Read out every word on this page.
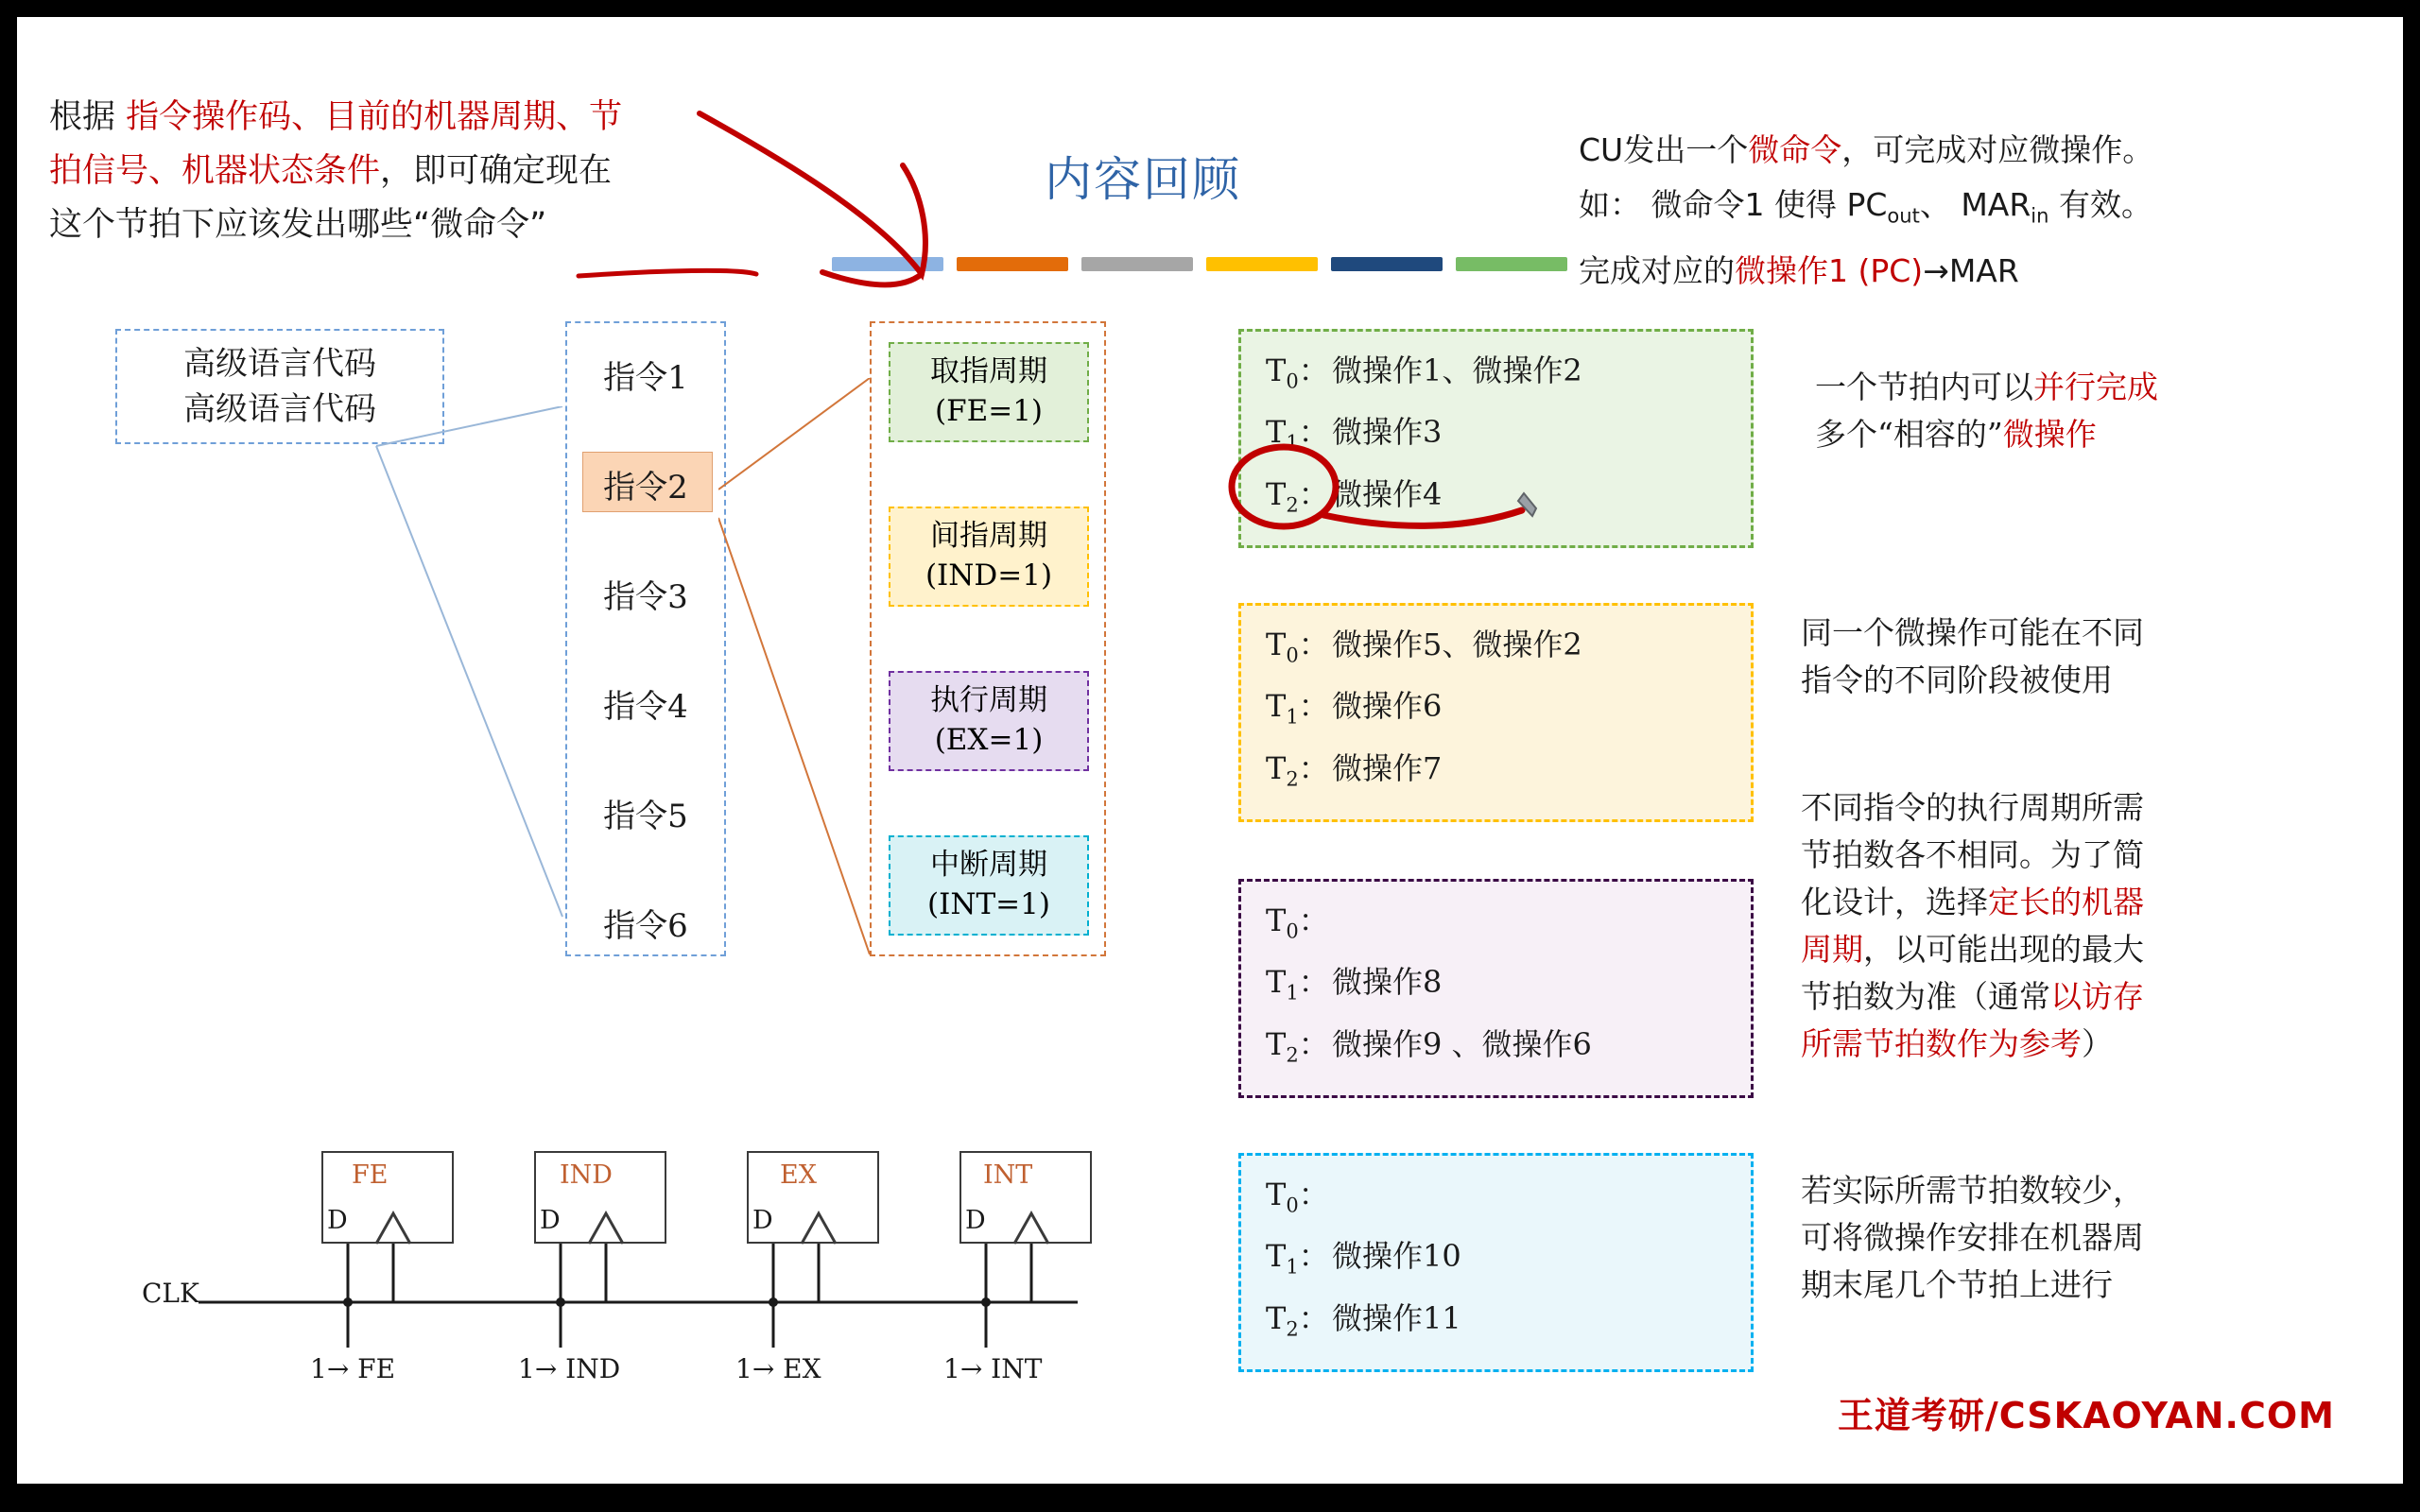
根据 指令操作码、目前的机器周期、节
拍信号、机器状态条件，即可确定现在
这个节拍下应该发出哪些“微命令”
内容回顾
CU发出一个微命令，可完成对应微操作。
如： 微命令1 使得 $PC_{out}$、 $MAR_{in}$ 有效。
完成对应的微操作1 (PC)→MAR
高级语言代码
高级语言代码
指令1
指令2
指令3
指令4
指令5
指令6
取指周期
(FE=1)
间指周期
(IND=1)
执行周期
(EX=1)
中断周期
(INT=1)
FE	IND	EX	INT
D	D	D	D
1→ FE	1→ IND	1→ EX	1→ INT
CLK
$T_0$： 微操作1、微操作2
$T_1$： 微操作3
$T_2$： 微操作4
$T_0$： 微操作5、微操作2
$T_1$： 微操作6
$T_2$： 微操作7
$T_0$：
$T_1$： 微操作8
$T_2$： 微操作9 、微操作6
$T_0$：
$T_1$： 微操作10
$T_2$： 微操作11
一个节拍内可以并行完成
多个“相容的”微操作
同一个微操作可能在不同
指令的不同阶段被使用
不同指令的执行周期所需
节拍数各不相同。为了简
化设计，选择定长的机器
周期，以可能出现的最大
节拍数为准（通常以访存
所需节拍数作为参考）
若实际所需节拍数较少，
可将微操作安排在机器周
期末尾几个节拍上进行
王道考研/CSKAOYAN.COM
